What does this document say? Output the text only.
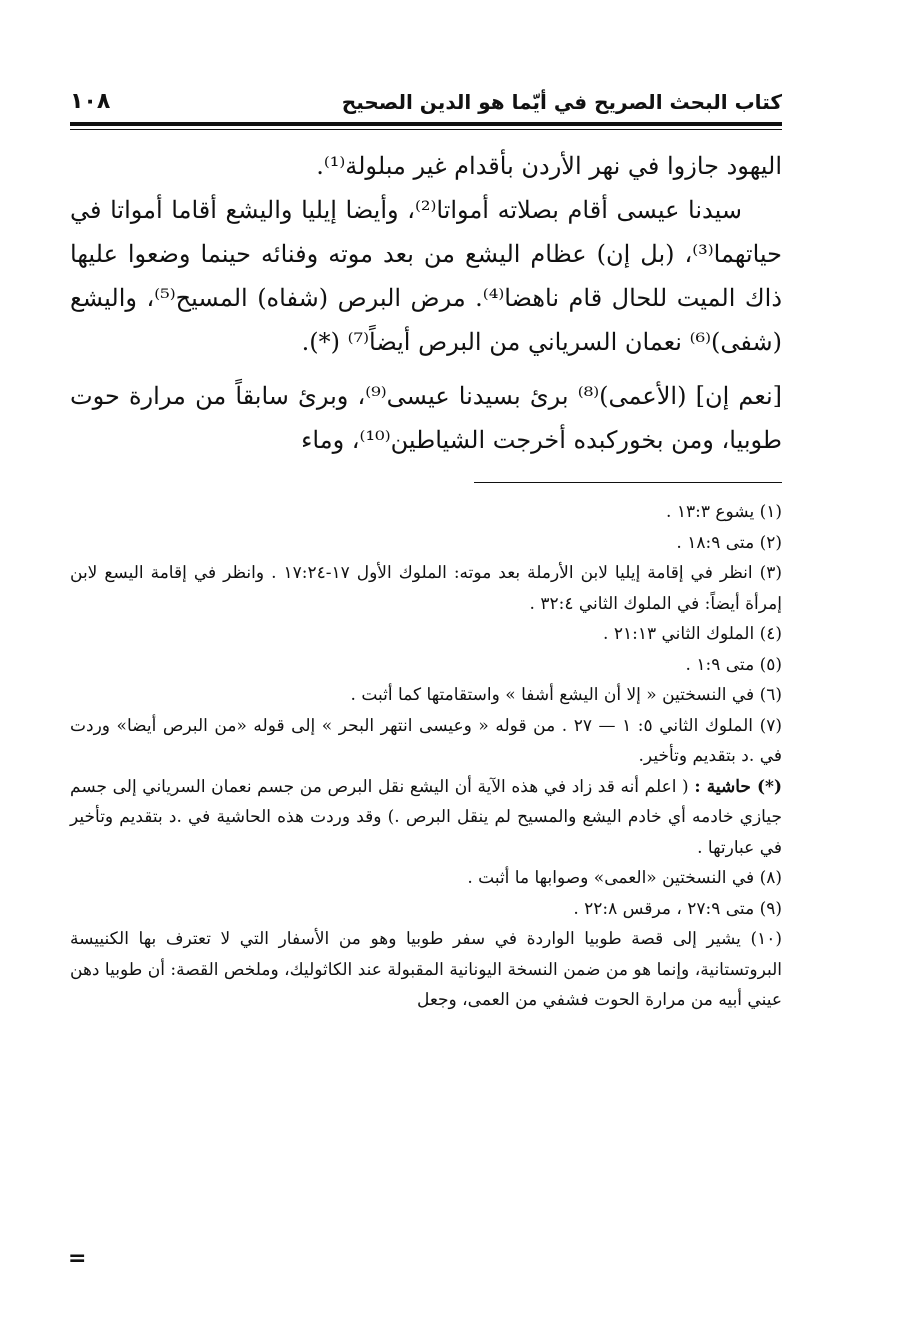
كتاب البحث الصريح في أيّما هو الدين الصحيح
١٠٨

اليهود جازوا في نهر الأردن بأقدام غير مبلولة⁽¹⁾.

سيدنا عيسى أقام بصلاته أمواتا⁽²⁾، وأيضا إيليا واليشع أقاما أمواتا في حياتهما⁽³⁾، (بل إن) عظام اليشع من بعد موته وفنائه حينما وضعوا عليها ذاك الميت للحال قام ناهضا⁽⁴⁾. مرض البرص (شفاه) المسيح⁽⁵⁾، واليشع (شفى)⁽⁶⁾ نعمان السرياني من البرص أيضاً⁽⁷⁾ (*).

[نعم إن] (الأعمى)⁽⁸⁾ برئ بسيدنا عيسى⁽⁹⁾، وبرئ سابقاً من مرارة حوت طوبيا، ومن بخوركبده أخرجت الشياطين⁽¹⁰⁾، وماء

(١) يشوع ١٣:٣ .

(٢) متى ١٨:٩ .

(٣) انظر في إقامة إيليا لابن الأرملة بعد موته: الملوك الأول ١٧-١٧:٢٤ . وانظر في إقامة اليسع لابن إمرأة أيضاً: في الملوك الثاني ٣٢:٤ .

(٤) الملوك الثاني ٢١:١٣ .

(٥) متى ١:٩ .

(٦) في النسختين « إلا أن اليشع أشفا » واستقامتها كما أثبت .

(٧) الملوك الثاني ٥: ١ — ٢٧ . من قوله « وعيسى انتهر البحر » إلى قوله «من البرص أيضا» وردت في .د بتقديم وتأخير.

(*) حاشية : ( اعلم أنه قد زاد في هذه الآية أن اليشع نقل البرص من جسم نعمان السرياني إلى جسم جيازي خادمه أي خادم اليشع والمسيح لم ينقل البرص .) وقد وردت هذه الحاشية في .د بتقديم وتأخير في عبارتها .

(٨) في النسختين «العمى» وصوابها ما أثبت .

(٩) متى ٢٧:٩ ، مرقس ٢٢:٨ .

(١٠) يشير إلى قصة طوبيا الواردة في سفر طوبيا وهو من الأسفار التي لا تعترف بها الكنييسة البروتستانية، وإنما هو من ضمن النسخة اليونانية المقبولة عند الكاثوليك، وملخص القصة: أن طوبيا دهن عيني أبيه من مرارة الحوت فشفي من العمى، وجعل

=
